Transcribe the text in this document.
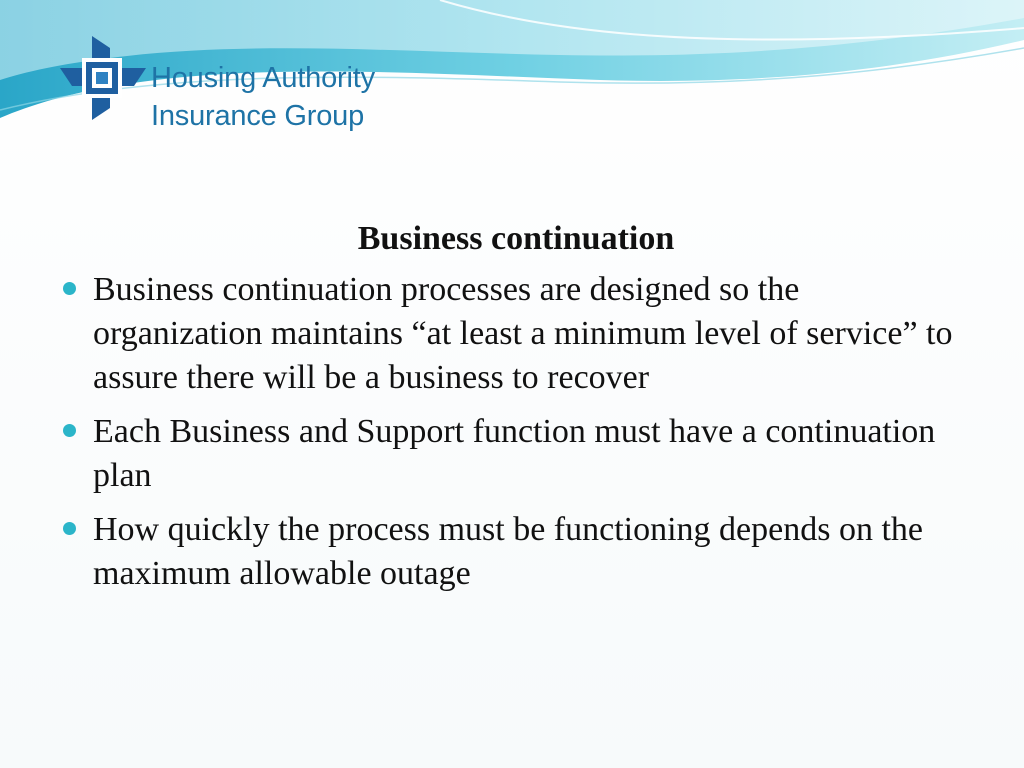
Housing Authority
Insurance Group
Business continuation
Business continuation processes are designed so the organization maintains “at least a minimum level of service” to assure there will be a business to recover
Each Business and Support function must have a continuation plan
How quickly the process must be functioning depends on the maximum allowable outage
